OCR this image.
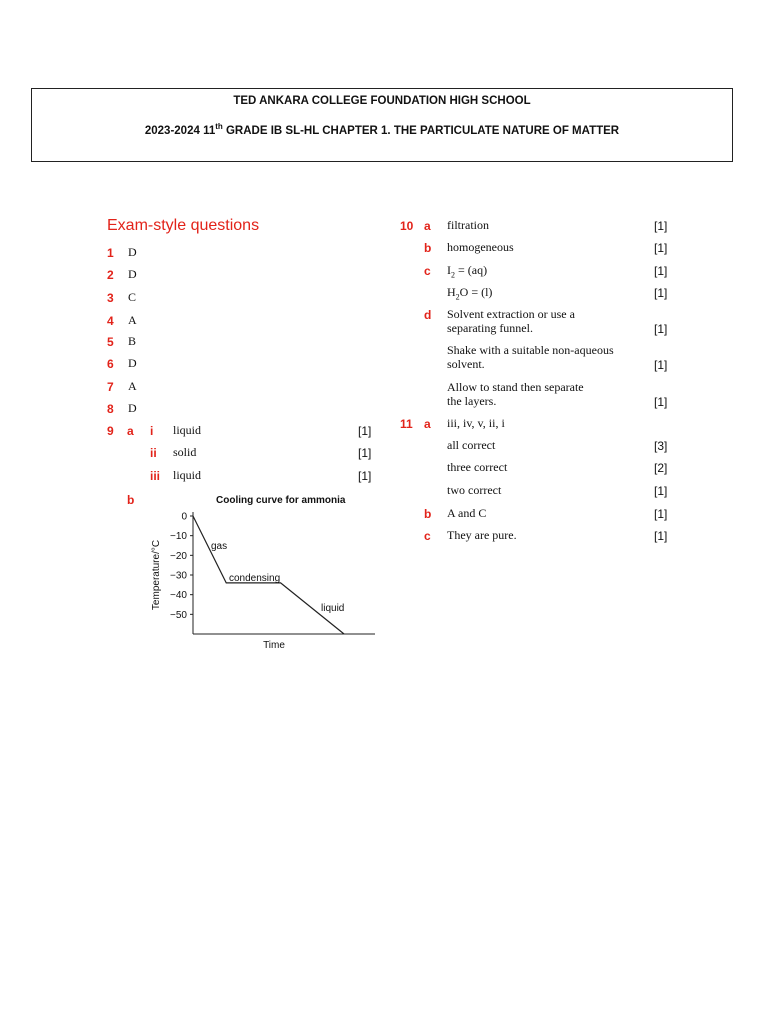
TED ANKARA COLLEGE FOUNDATION HIGH SCHOOL
2023-2024 11th GRADE IB SL-HL CHAPTER 1. THE PARTICULATE NATURE OF MATTER
Exam-style questions
1 D
2 D
3 C
4 A
5 B
6 D
7 A
8 D
9 a i liquid	[1]
ii solid	[1]
iii liquid	[1]
b	Cooling curve for ammonia
0
−10
−20
−30
−40
−50
Temperature/°C
Time
gas
condensing
liquid
10 a filtration	[1]
b homogeneous	[1]
c $I_2 = (aq)$	[1]
$H_2O = (l)$	[1]
d Solvent extraction or use a
separating funnel.	[1]
Shake with a suitable non-aqueous
solvent.	[1]
Allow to stand then separate
the layers.	[1]
11 a iii, iv, v, ii, i
all correct	[3]
three correct	[2]
two correct	[1]
b A and C	[1]
c They are pure.	[1]
